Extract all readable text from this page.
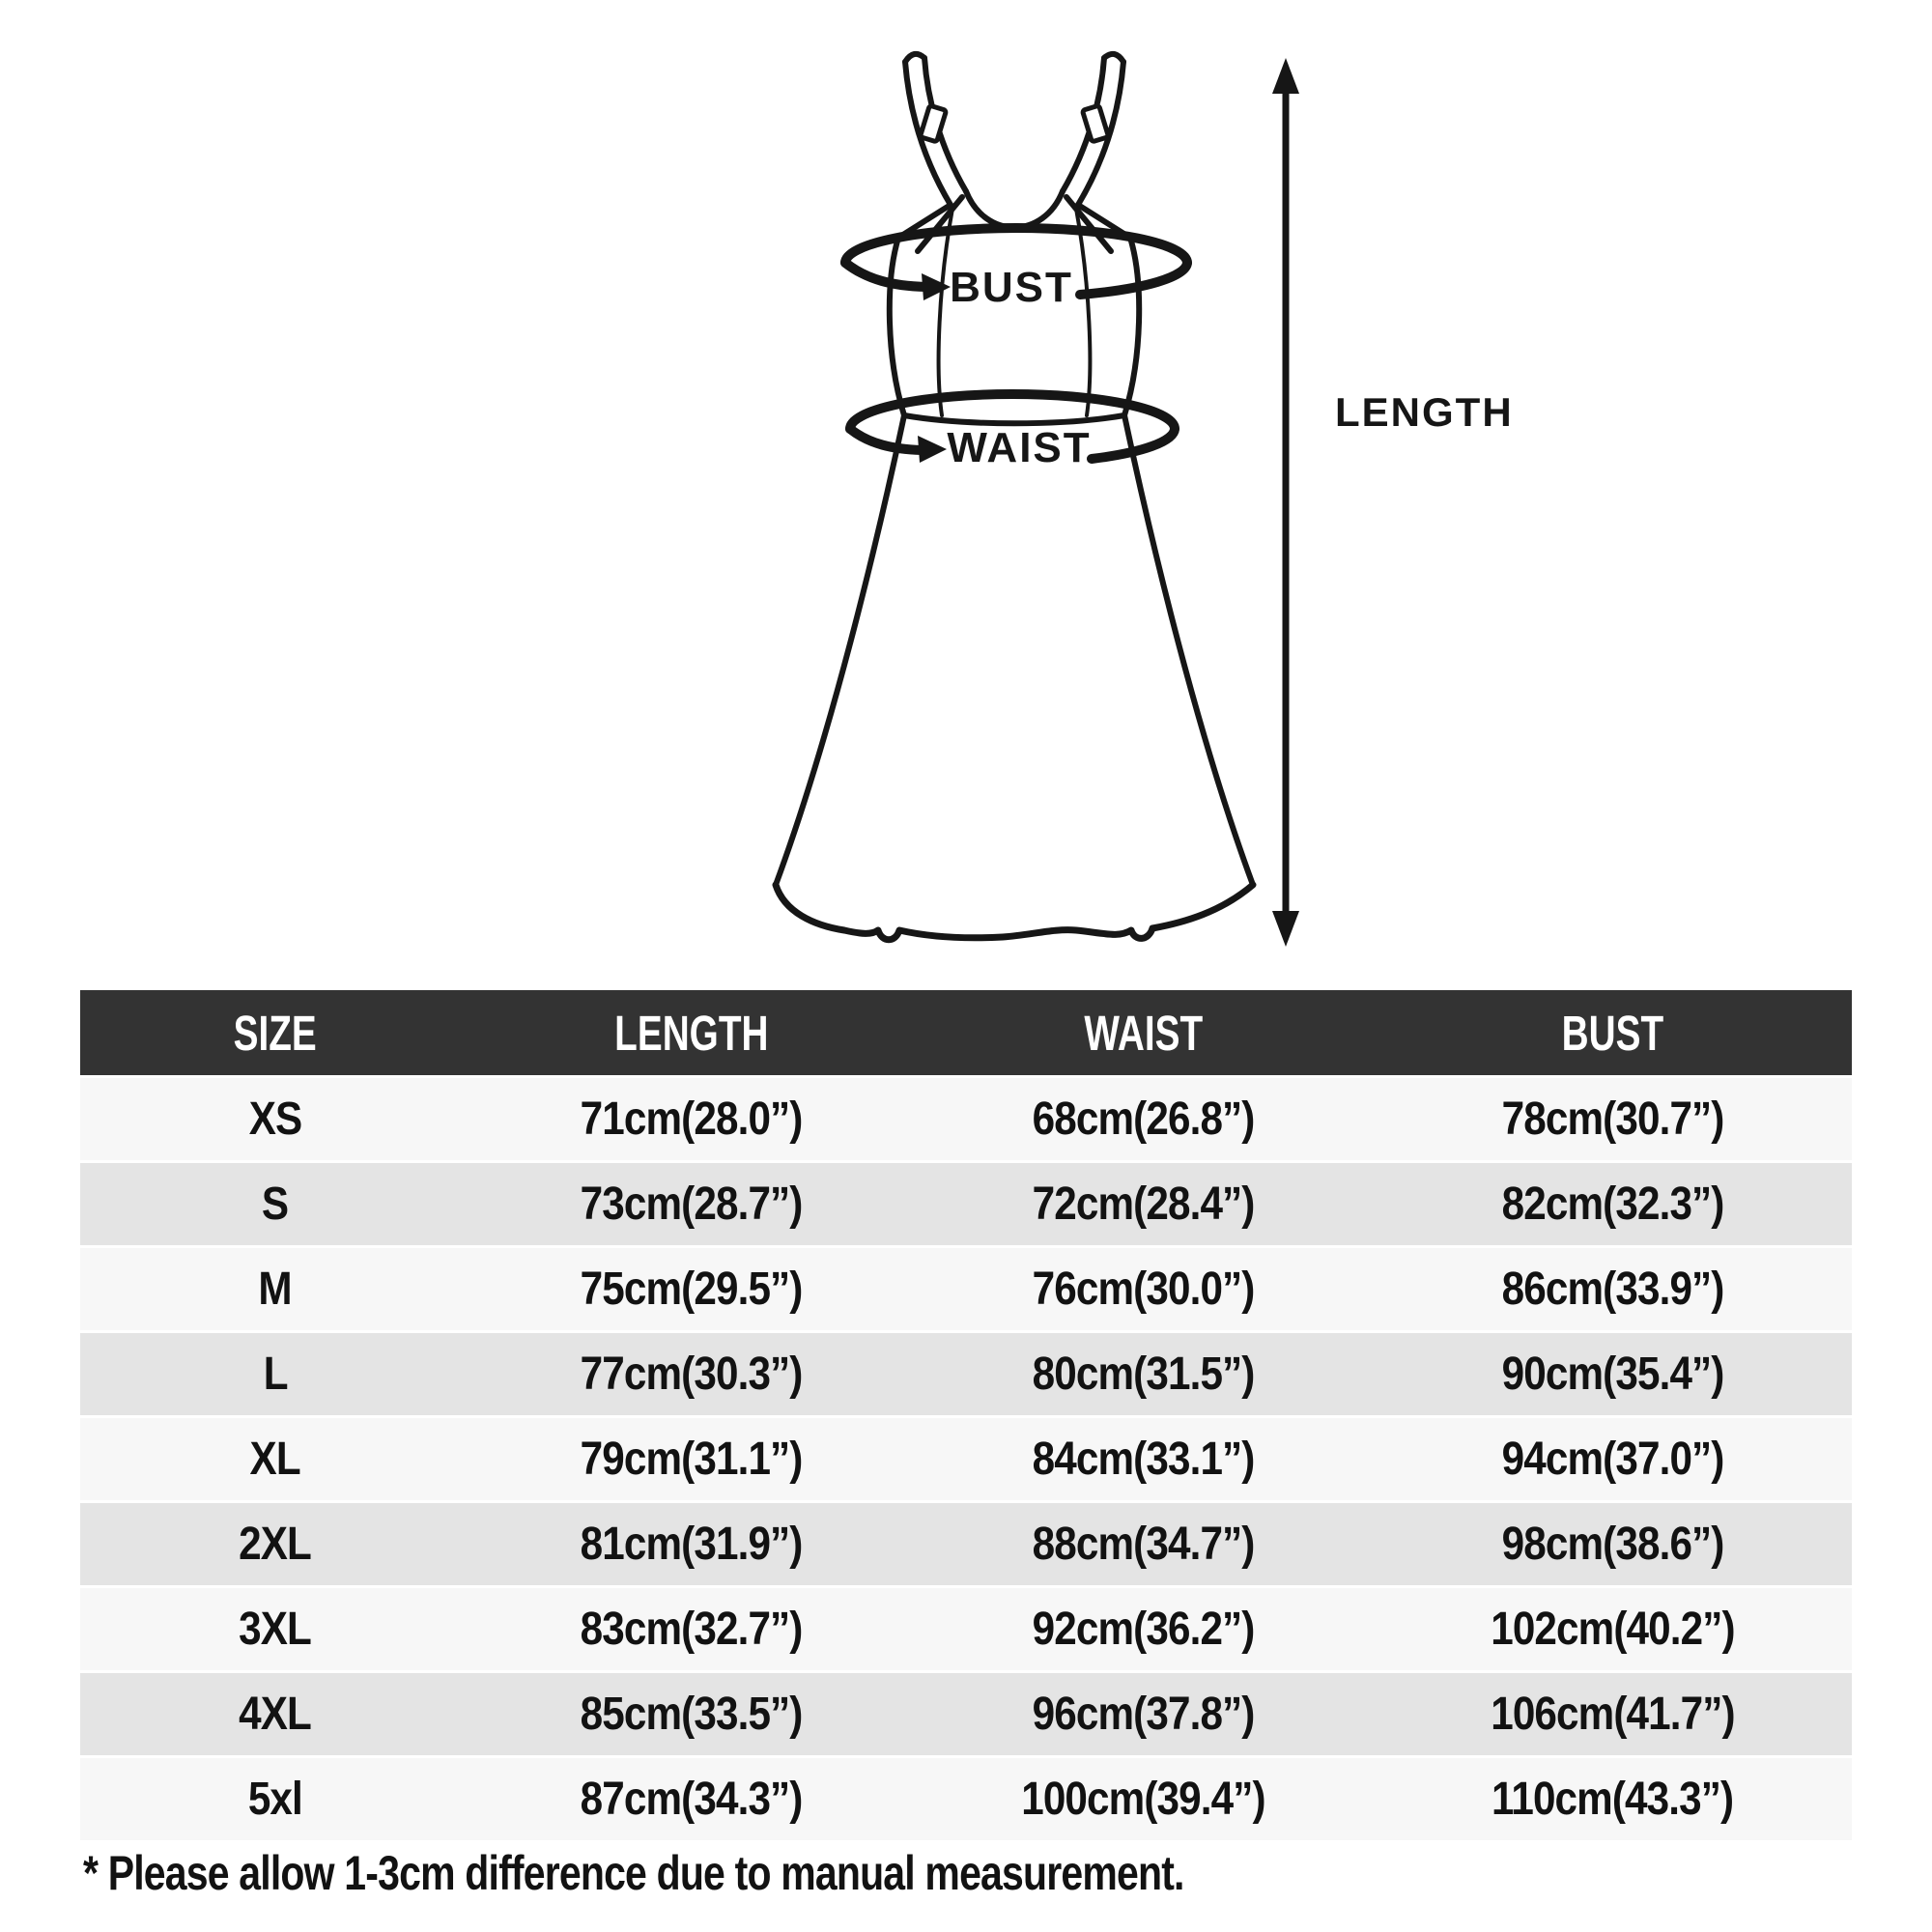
BUST
WAIST
LENGTH
SIZE	LENGTH	WAIST	BUST
XS	71cm(28.0”)	68cm(26.8”)	78cm(30.7”)
S	73cm(28.7”)	72cm(28.4”)	82cm(32.3”)
M	75cm(29.5”)	76cm(30.0”)	86cm(33.9”)
L	77cm(30.3”)	80cm(31.5”)	90cm(35.4”)
XL	79cm(31.1”)	84cm(33.1”)	94cm(37.0”)
2XL	81cm(31.9”)	88cm(34.7”)	98cm(38.6”)
3XL	83cm(32.7”)	92cm(36.2”)	102cm(40.2”)
4XL	85cm(33.5”)	96cm(37.8”)	106cm(41.7”)
5xl	87cm(34.3”)	100cm(39.4”)	110cm(43.3”)
* Please allow 1-3cm difference due to manual measurement.
